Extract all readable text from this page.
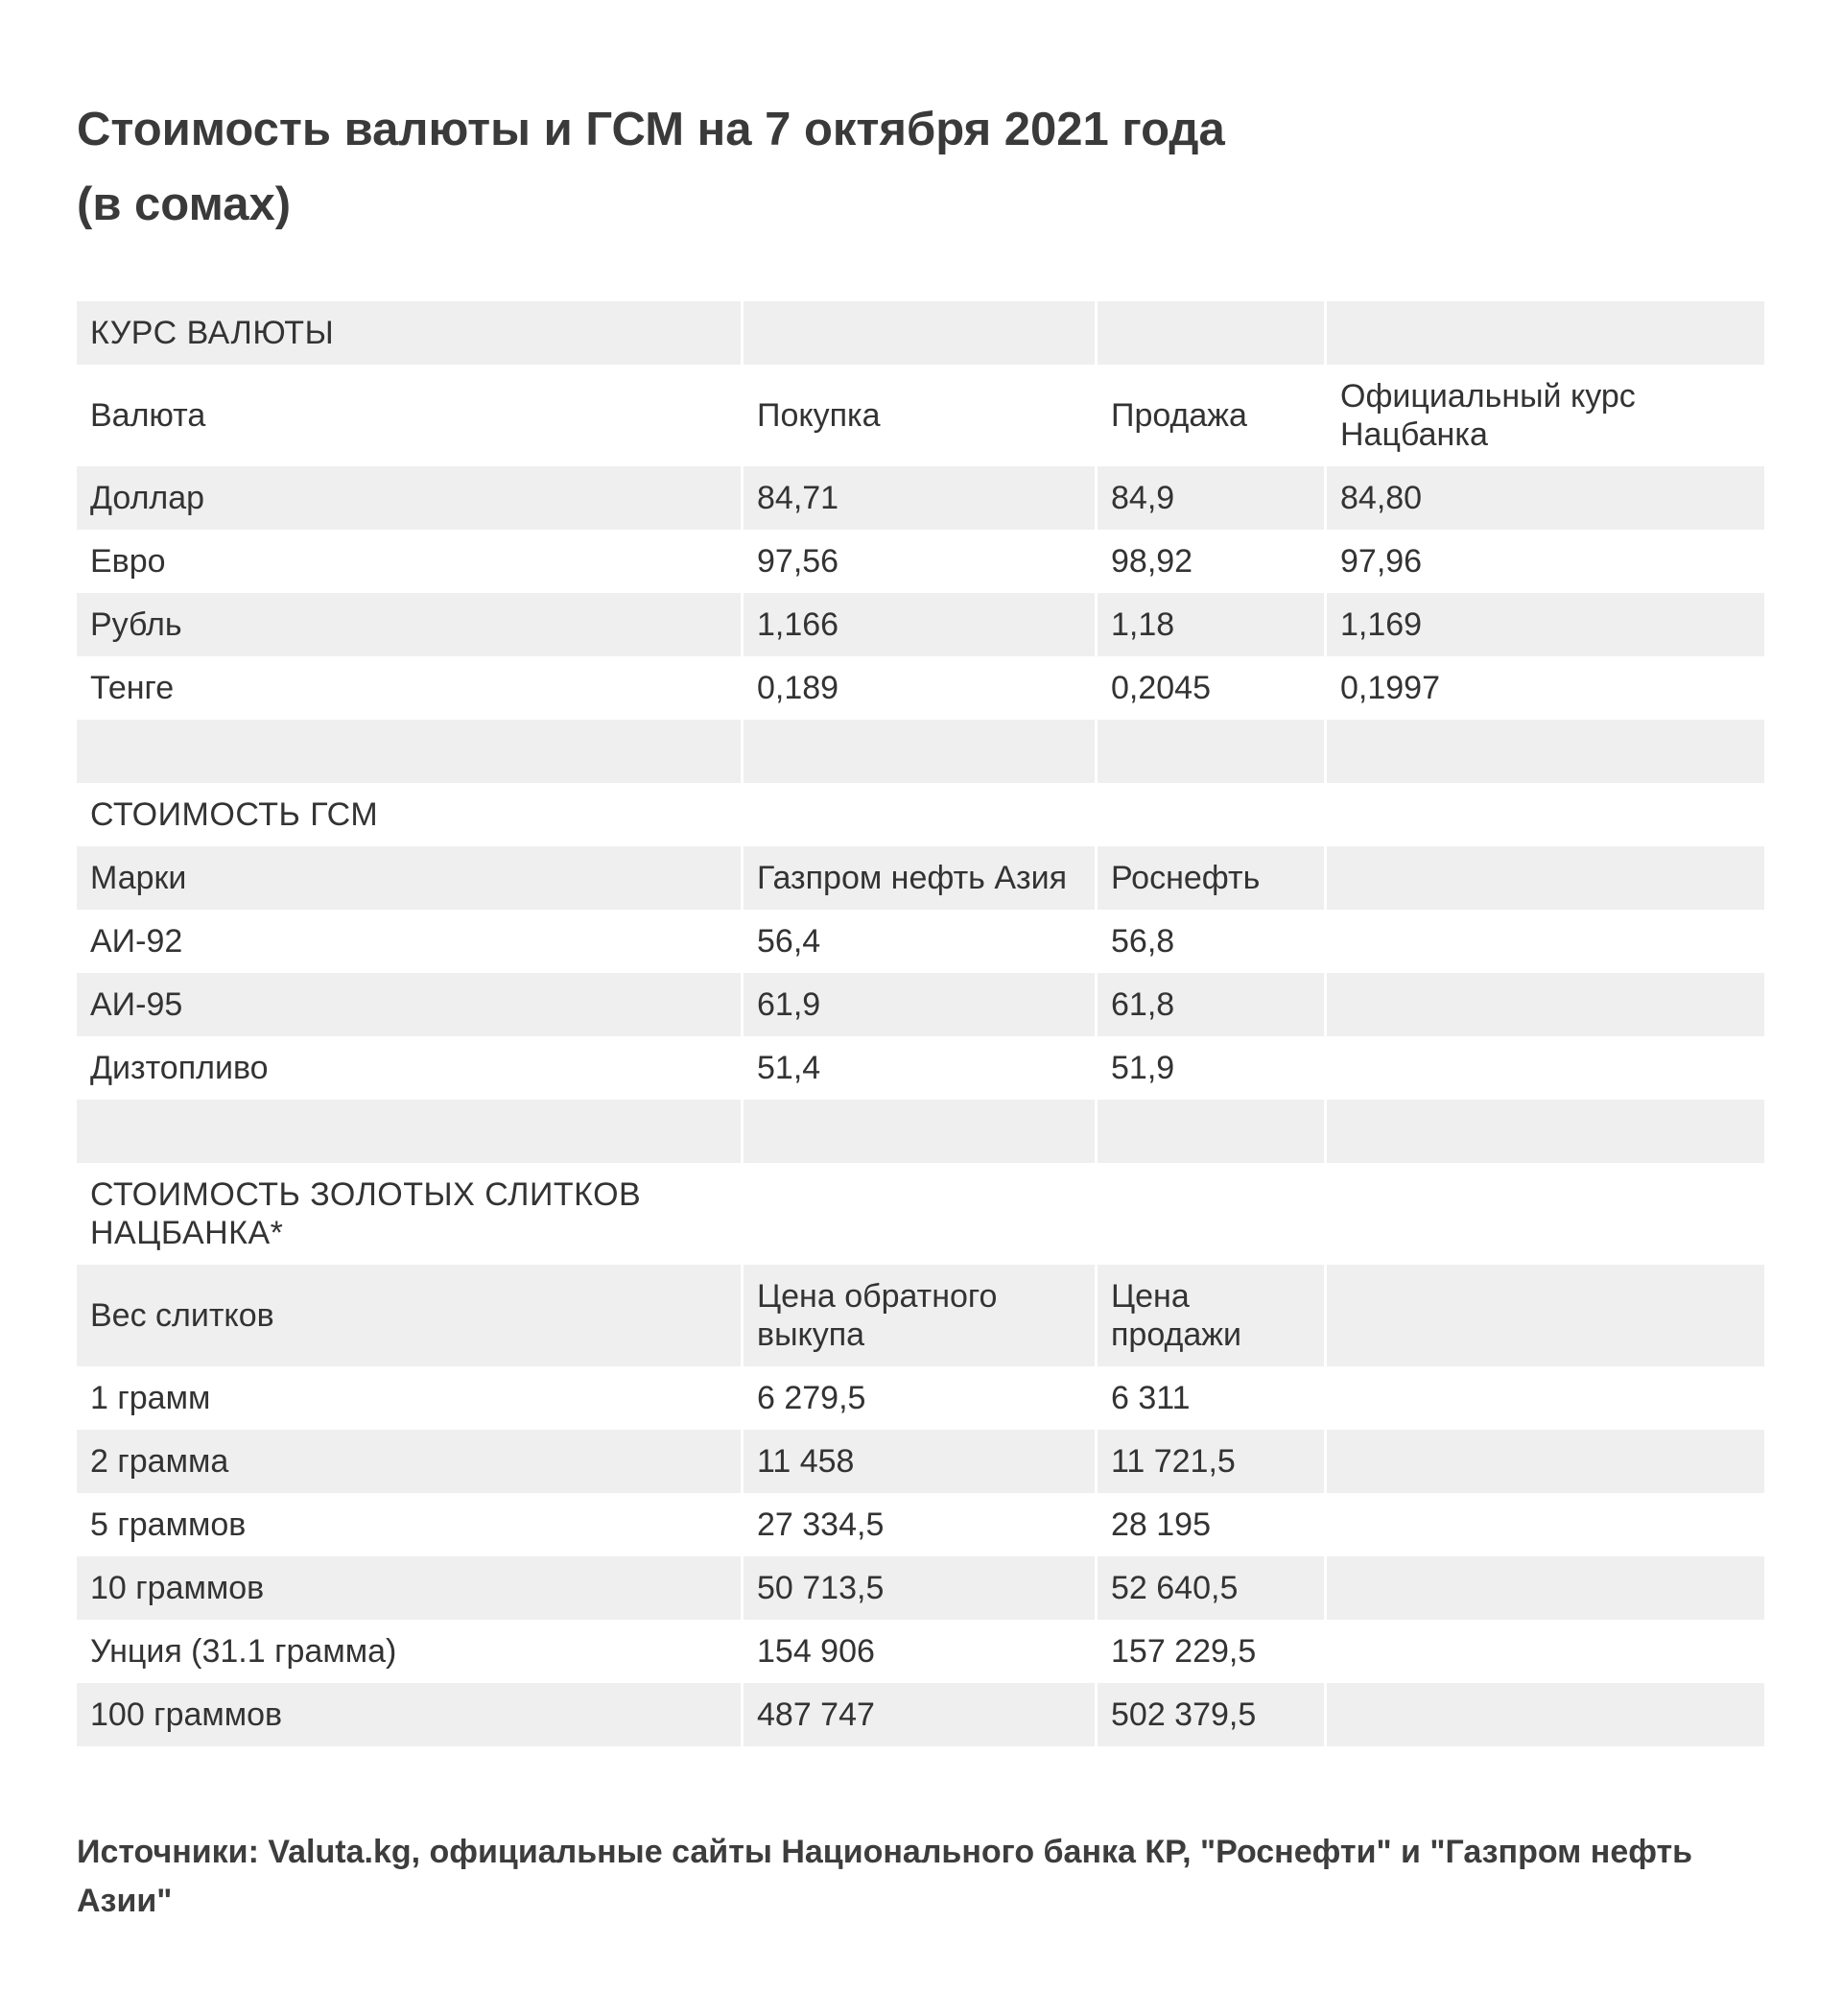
Стоимость валюты и ГСМ на 7 октября 2021 года
(в сомах)
КУРС ВАЛЮТЫ			
Валюта	Покупка	Продажа	Официальный курс Нацбанка
Доллар	84,71	84,9	84,80
Евро	97,56	98,92	97,96
Рубль	1,166	1,18	1,169
Тенге	0,189	0,2045	0,1997

СТОИМОСТЬ ГСМ			
Марки	Газпром нефть Азия	Роснефть	
АИ-92	56,4	56,8	
АИ-95	61,9	61,8	
Дизтопливо	51,4	51,9	

СТОИМОСТЬ ЗОЛОТЫХ СЛИТКОВ НАЦБАНКА*			
Вес слитков	Цена обратного выкупа	Цена продажи	
1 грамм	6 279,5	6 311	
2 грамма	11 458	11 721,5	
5 граммов	27 334,5	28 195	
10 граммов	50 713,5	52 640,5	
Унция (31.1 грамма)	154 906	157 229,5	
100 граммов	487 747	502 379,5	

Источники: Valuta.kg, официальные сайты Национального банка КР, "Роснефти" и "Газпром нефть Азии"
